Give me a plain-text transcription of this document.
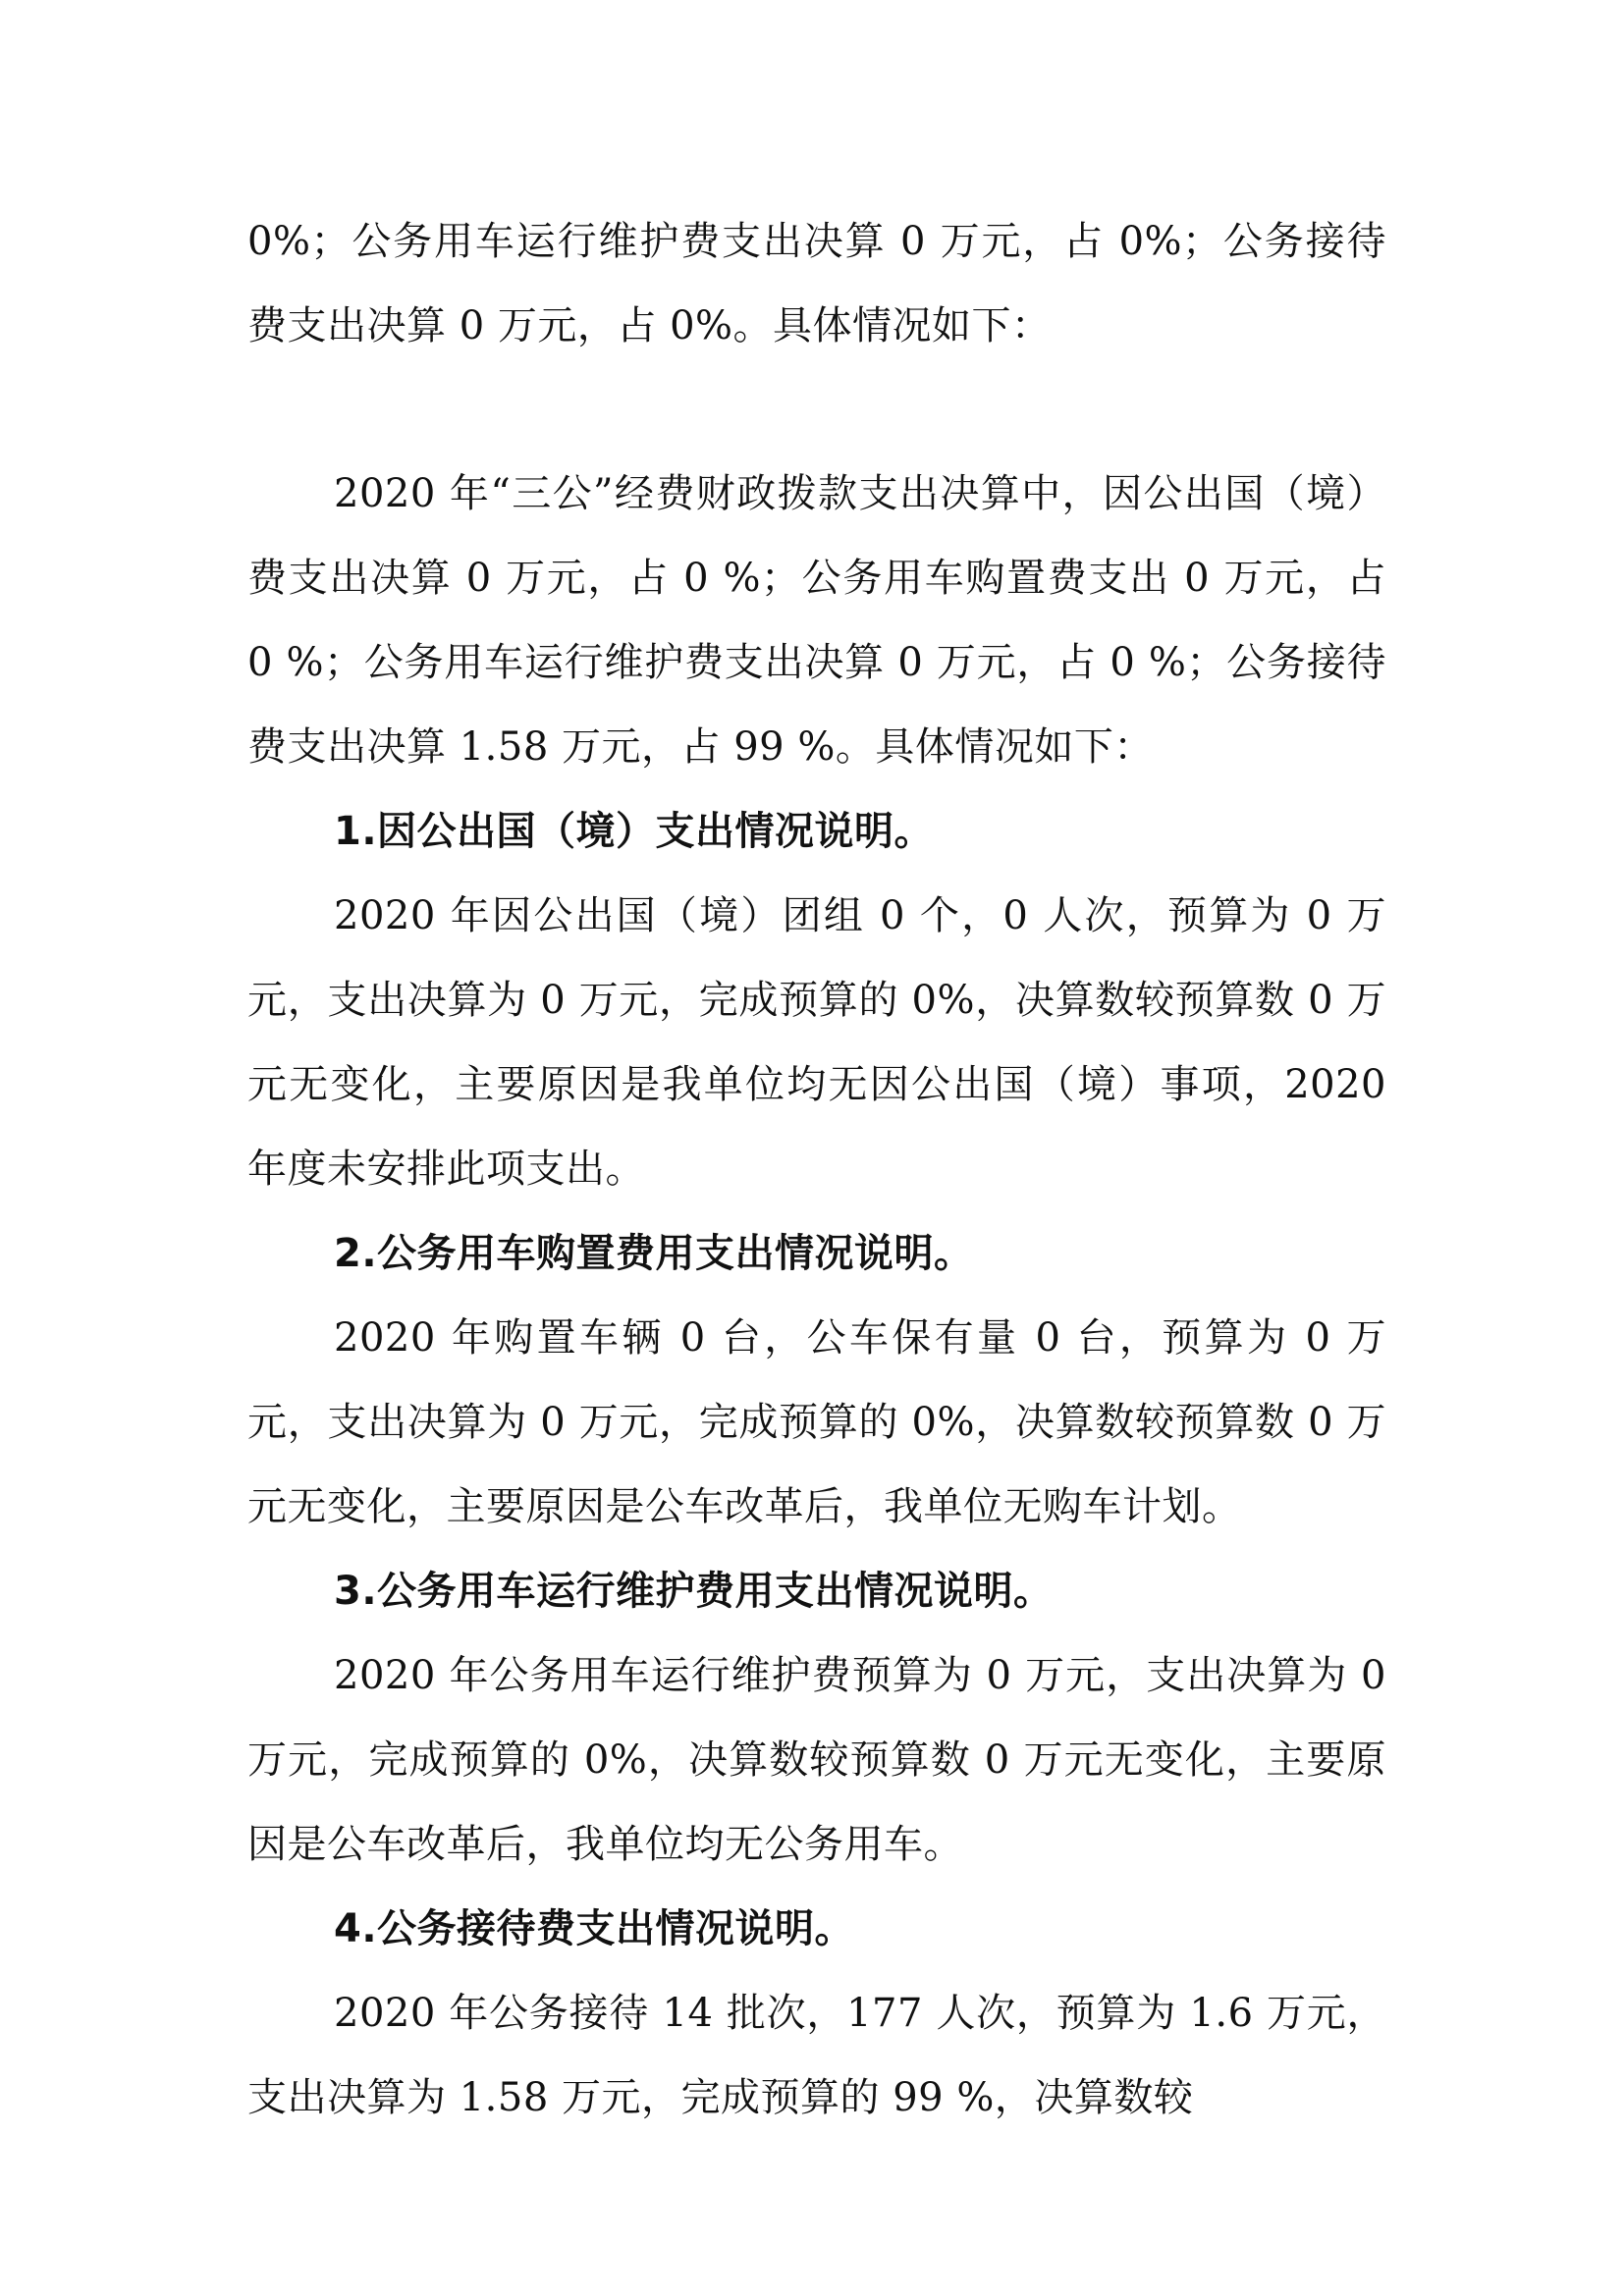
0%；公务用车运行维护费支出决算 0 万元，占 0%；公务接待费支出决算 0 万元，占 0%。具体情况如下：

2020 年“三公”经费财政拨款支出决算中，因公出国（境）费支出决算 0 万元，占 0 %；公务用车购置费支出 0 万元，占 0 %；公务用车运行维护费支出决算 0 万元，占 0 %；公务接待费支出决算 1.58 万元，占 99 %。具体情况如下：

1.因公出国（境）支出情况说明。

2020 年因公出国（境）团组 0 个，0 人次，预算为 0 万元，支出决算为 0 万元，完成预算的 0%，决算数较预算数 0 万元无变化，主要原因是我单位均无因公出国（境）事项，2020 年度未安排此项支出。

2.公务用车购置费用支出情况说明。

2020 年购置车辆 0 台，公车保有量 0 台，预算为 0 万元，支出决算为 0 万元，完成预算的 0%，决算数较预算数 0 万元无变化，主要原因是公车改革后，我单位无购车计划。

3.公务用车运行维护费用支出情况说明。

2020 年公务用车运行维护费预算为 0 万元，支出决算为 0 万元，完成预算的 0%，决算数较预算数 0 万元无变化，主要原因是公车改革后，我单位均无公务用车。

4.公务接待费支出情况说明。

2020 年公务接待 14 批次，177 人次，预算为 1.6 万元，支出决算为 1.58 万元，完成预算的 99 %，决算数较
